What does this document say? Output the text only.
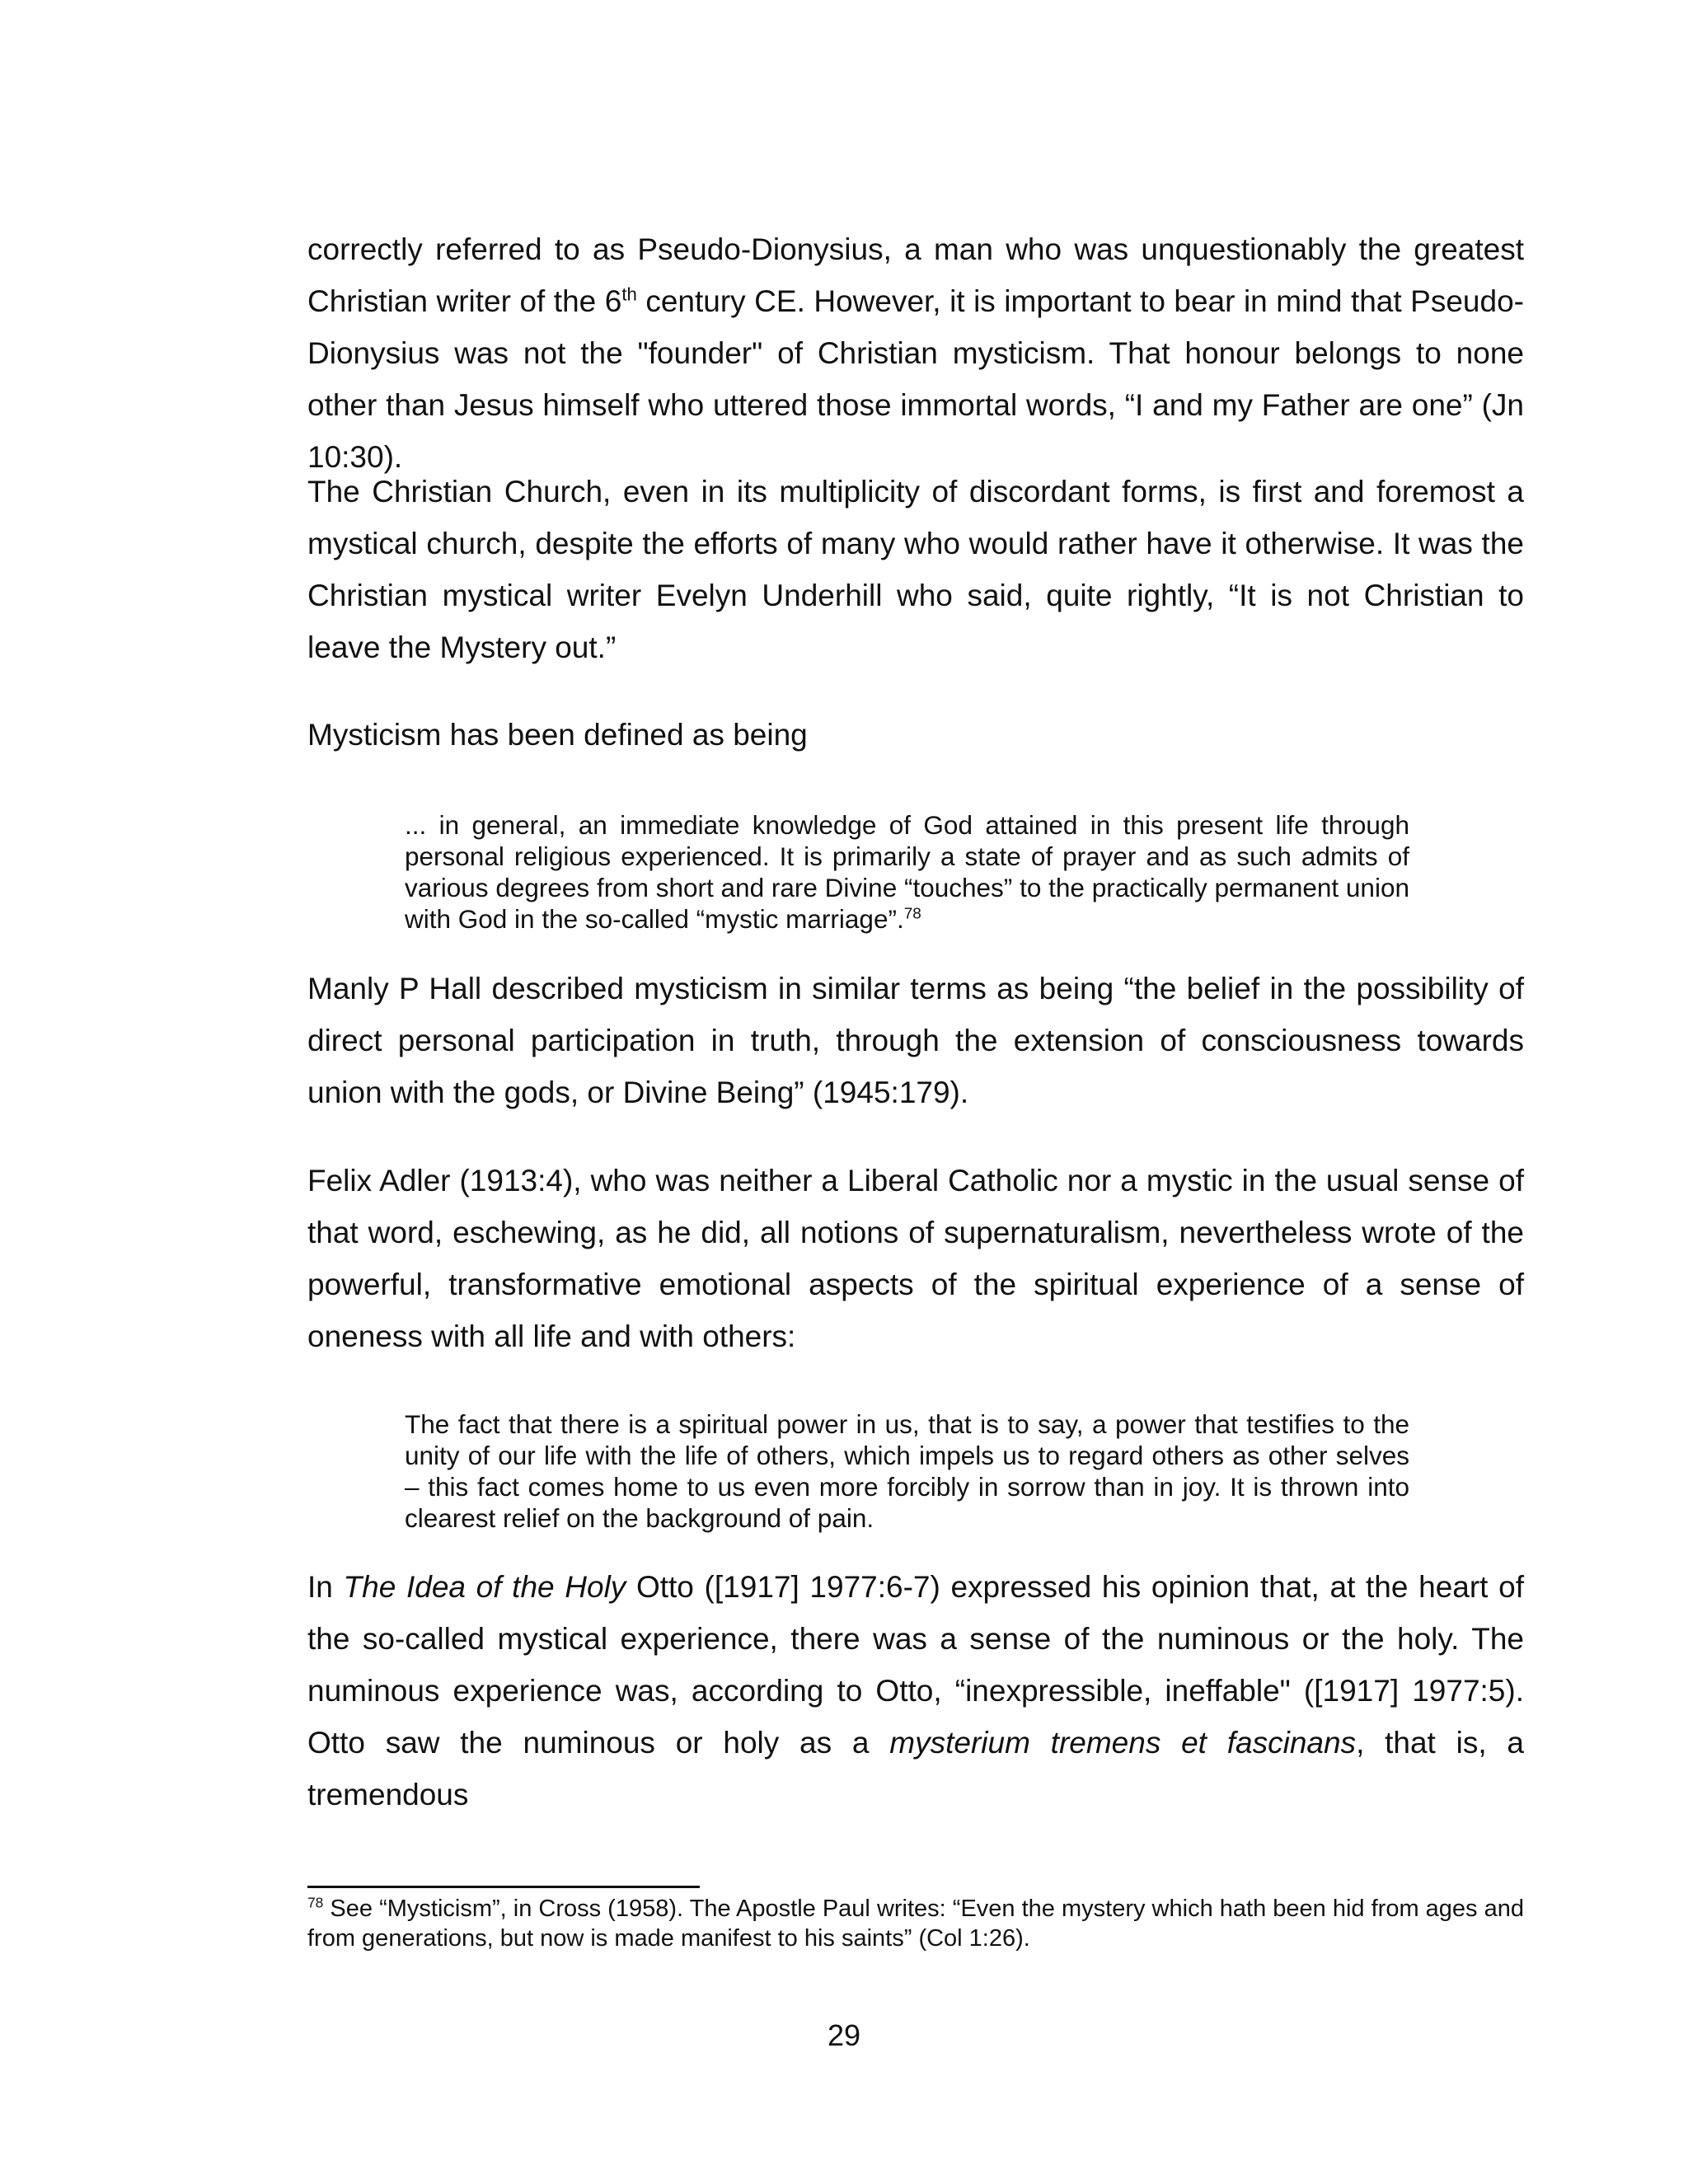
correctly referred to as Pseudo-Dionysius, a man who was unquestionably the greatest Christian writer of the 6th century CE. However, it is important to bear in mind that Pseudo-Dionysius was not the "founder" of Christian mysticism. That honour belongs to none other than Jesus himself who uttered those immortal words, “I and my Father are one” (Jn 10:30).

The Christian Church, even in its multiplicity of discordant forms, is first and foremost a mystical church, despite the efforts of many who would rather have it otherwise. It was the Christian mystical writer Evelyn Underhill who said, quite rightly, “It is not Christian to leave the Mystery out.”

Mysticism has been defined as being

... in general, an immediate knowledge of God attained in this present life through personal religious experienced. It is primarily a state of prayer and as such admits of various degrees from short and rare Divine “touches” to the practically permanent union with God in the so-called “mystic marriage”.$^{78}$

Manly P Hall described mysticism in similar terms as being “the belief in the possibility of direct personal participation in truth, through the extension of consciousness towards union with the gods, or Divine Being” (1945:179).

Felix Adler (1913:4), who was neither a Liberal Catholic nor a mystic in the usual sense of that word, eschewing, as he did, all notions of supernaturalism, nevertheless wrote of the powerful, transformative emotional aspects of the spiritual experience of a sense of oneness with all life and with others:

The fact that there is a spiritual power in us, that is to say, a power that testifies to the unity of our life with the life of others, which impels us to regard others as other selves – this fact comes home to us even more forcibly in sorrow than in joy. It is thrown into clearest relief on the background of pain.

In The Idea of the Holy Otto ([1917] 1977:6-7) expressed his opinion that, at the heart of the so-called mystical experience, there was a sense of the numinous or the holy. The numinous experience was, according to Otto, “inexpressible, ineffable" ([1917] 1977:5). Otto saw the numinous or holy as a mysterium tremens et fascinans, that is, a tremendous

$^{78}$ See “Mysticism”, in Cross (1958). The Apostle Paul writes: “Even the mystery which hath been hid from ages and from generations, but now is made manifest to his saints” (Col 1:26).

29
